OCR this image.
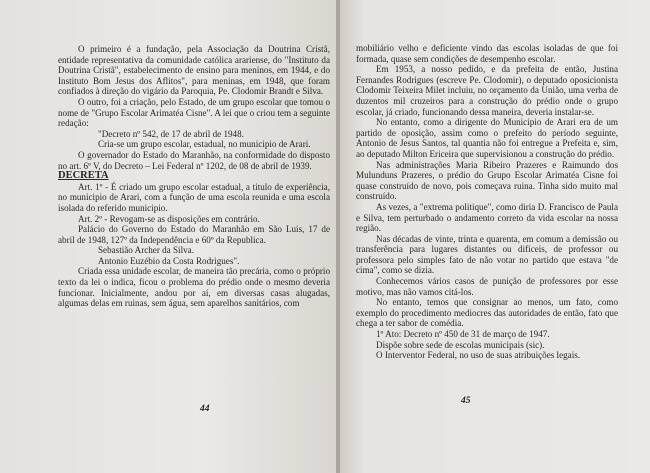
O primeiro é a fundação, pela Associação da Doutrina Cristã, entidade representativa da comunidade católica arariense, do "Instituto da Doutrina Cristã", estabelecimento de ensino para meninos, em 1944, e do Instituto Bom Jesus dos Aflitos", para meninas, em 1948, que foram confiados à direção do vigário da Paroquia, Pe. Clodomir Brandt e Silva.

O outro, foi a criação, pelo Estado, de um grupo escolar que tomou o nome de "Grupo Escolar Arimatéa Cisne". A lei que o criou tem a seguinte redação:

"Decreto nº 542, de 17 de abril de 1948.

Cria-se um grupo escolar, estadual, no municipio de Arari.

O governador do Estado do Maranhão, na conformidade do disposto no art. 6º V, do Decreto – Lei Federal nº 1202, de 08 de abril de 1939.

DECRETA

Art. 1º - É criado um grupo escolar estadual, a titulo de experiência, no municipio de Arari, com a função de uma escola reunida e uma escola isolada do referido municipio.

Art. 2º - Revogam-se as disposições em contrário.

Palácio do Governo do Estado do Maranhão em São Luis, 17 de abril de 1948, 127º da Independência e 60º da Republica.

Sebastião Archer da Silva.

Antonio Euzébio da Costa Rodrigues".

Criada essa unidade escolar, de maneira tão precária, como o próprio texto da lei o indica, ficou o problema do prédio onde o mesmo deveria funcionar. Inicialmente, andou por aí, em diversas casas alugadas, algumas delas em ruinas, sem água, sem aparelhos sanitários, com

44

mobiliário velho e deficiente vindo das escolas isoladas de que foi formada, quase sem condições de desempenho escolar.

Em 1953, a nosso pedido, e da prefeita de então, Justina Fernandes Rodrigues (escreve Pe. Clodomir), o deputado oposicionista Clodomir Teixeira Milet incluiu, no orçamento da União, uma verba de duzentos mil cruzeiros para a construção do prédio onde o grupo escolar, já criado, funcionando dessa maneira, deveria instalar-se.

No entanto, como a dirigente do Município de Arari era de um partido de oposição, assim como o prefeito do período seguinte, Antonio de Jesus Santos, tal quantia não foi entregue a Prefeita e, sim, ao deputado Milton Ericeira que supervisionou a construção do prédio.

Nas administrações Maria Ribeiro Prazeres e Raimundo dos Mulunduns Prazeres, o prédio do Grupo Escolar Arimatéa Cisne foi quase construído de novo, pois começava ruina. Tinha sido muito mal construído.

As vezes, a "extrema politique", como diria D. Francisco de Paula e Silva, tem perturbado o andamento correto da vida escolar na nossa região.

Nas décadas de vinte, trinta e quarenta, em comum a demissão ou transferência para lugares distantes ou dificeis, de professor ou professora pelo simples fato de não votar no partido que estava "de cima", como se dizia.

Conhecemos vários casos de punição de professores por esse motivo, mas não vamos citá-los.

No entanto, temos que consignar ao menos, um fato, como exemplo do procedimento mediocres das autoridades de então, fato que chega a ter sabor de comédia.

1º Ato: Decreto nº 450 de 31 de março de 1947.

Dispõe sobre sede de escolas municipais (sic).

O Interventor Federal, no uso de suas atribuições legais.

45
